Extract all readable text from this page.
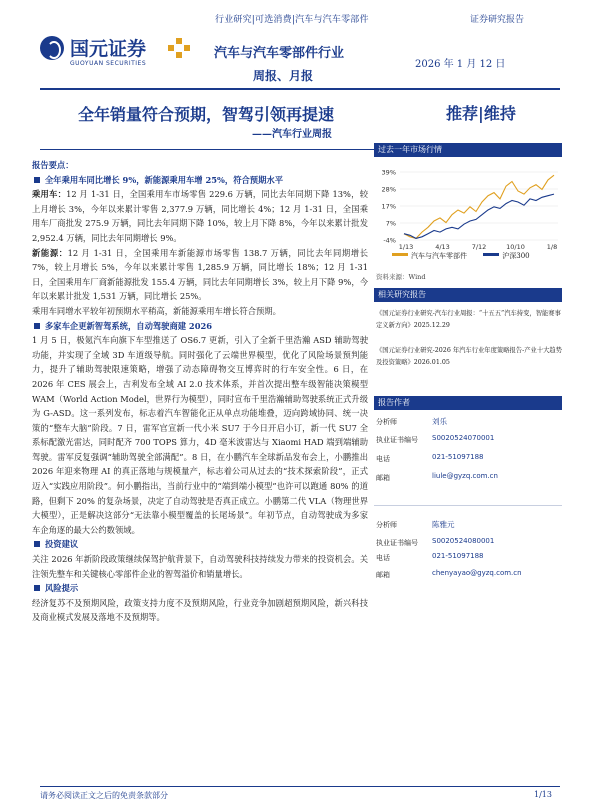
行业研究|可选消费|汽车与汽车零部件	证券研究报告
国元证券
GUOYUAN SECURITIES
汽车与汽车零部件行业
周报、月报
2026 年 1 月 12 日
全年销量符合预期，智驾引领再提速
——汽车行业周报
推荐|维持

报告要点：

全年乘用车同比增长 9%，新能源乘用车增 25%，符合预期水平

乘用车：12 月 1-31 日，全国乘用车市场零售 229.6 万辆，同比去年同期下降 13%，较上月增长 3%，今年以来累计零售 2,377.9 万辆，同比增长 4%；12 月 1-31 日，全国乘用车厂商批发 275.9 万辆，同比去年同期下降 10%，较上月下降 8%，今年以来累计批发 2,952.4 万辆，同比去年同期增长 9%。

新能源：12 月 1-31 日，全国乘用车新能源市场零售 138.7 万辆，同比去年同期增长 7%，较上月增长 5%，今年以来累计零售 1,285.9 万辆，同比增长 18%；12 月 1-31 日，全国乘用车厂商新能源批发 155.4 万辆，同比去年同期增长 3%，较上月下降 9%，今年以来累计批发 1,531 万辆，同比增长 25%。

乘用车同增水平较年初预期水平稍高，新能源乘用车增长符合预期。

多家车企更新智驾系统，自动驾驶商建 2026

1 月 5 日，极氪汽车向旗下车型推送了 OS6.7 更新，引入了全新千里浩瀚 ASD 辅助驾驶功能，并实现了全域 3D 车道级导航。同时强化了云端世界模型，优化了风险场景预判能力，提升了辅助驾驶限速策略，增强了动态障碍物交互博弈时的行车安全性。6 日，在 2026 年 CES 展会上，吉利发布全域 AI 2.0 技术体系，并首次提出整车级智能决策模型 WAM（World Action Model，世界行为模型），同时宣布千里浩瀚辅助驾驶系统正式升级为 G-ASD。这一系列发布，标志着汽车智能化正从单点功能堆叠，迈向跨域协同、统一决策的“整车大脑”阶段。7 日，雷军官宣新一代小米 SU7 于今日开启小订，新一代 SU7 全系标配激光雷达，同时配齐 700 TOPS 算力，4D 毫米波雷达与 Xiaomi HAD 端到端辅助驾驶。雷军反复强调“辅助驾驶全部满配”。8 日，在小鹏汽车全球新品发布会上，小鹏推出 2026 年迎来物理 AI 的真正落地与规模量产，标志着公司从过去的“技术探索阶段”，正式迈入“实践应用阶段”。何小鹏指出，当前行业中的“端到端小模型”也许可以跑通 80% 的道路，但剩下 20% 的复杂场景，决定了自动驾驶是否真正成立。小鹏第二代 VLA（物理世界大模型），正是解决这部分“无法靠小模型覆盖的长尾场景”。年初节点，自动驾驶成为多家车企角逐的最大公约数领域。

投资建议

关注 2026 年新阶段政策继续保驾护航背景下，自动驾驶科技持续发力带来的投资机会。关注领先整车和关键核心零部件企业的智驾溢价和销量增长。

风险提示

经济复苏不及预期风险，政策支持力度不及预期风险，行业竞争加剧超预期风险，新兴科技及商业模式发展及落地不及预期等。

过去一年市场行情
39%
28%
17%
7%
-4%
1/13	4/13	7/12	10/10	1/8
汽车与汽车零部件	沪深300
资料来源：Wind
相关研究报告
《国元证券行业研究-汽车行业周报：“十五五”汽车持变，智能赛事定义新方向》2025.12.29
《国元证券行业研究-2026 年汽车行业年度策略报告-产业十大趋势及投资策略》2026.01.05
报告作者
分析师	刘乐
执业证书编号 S0020524070001
电话	021-51097188
邮箱	liule@gyzq.com.cn
分析师	陈雅元
执业证书编号 S0020524080001
电话	021-51097188
邮箱	chenyayao@gyzq.com.cn
请务必阅读正文之后的免责条款部分	1/13
